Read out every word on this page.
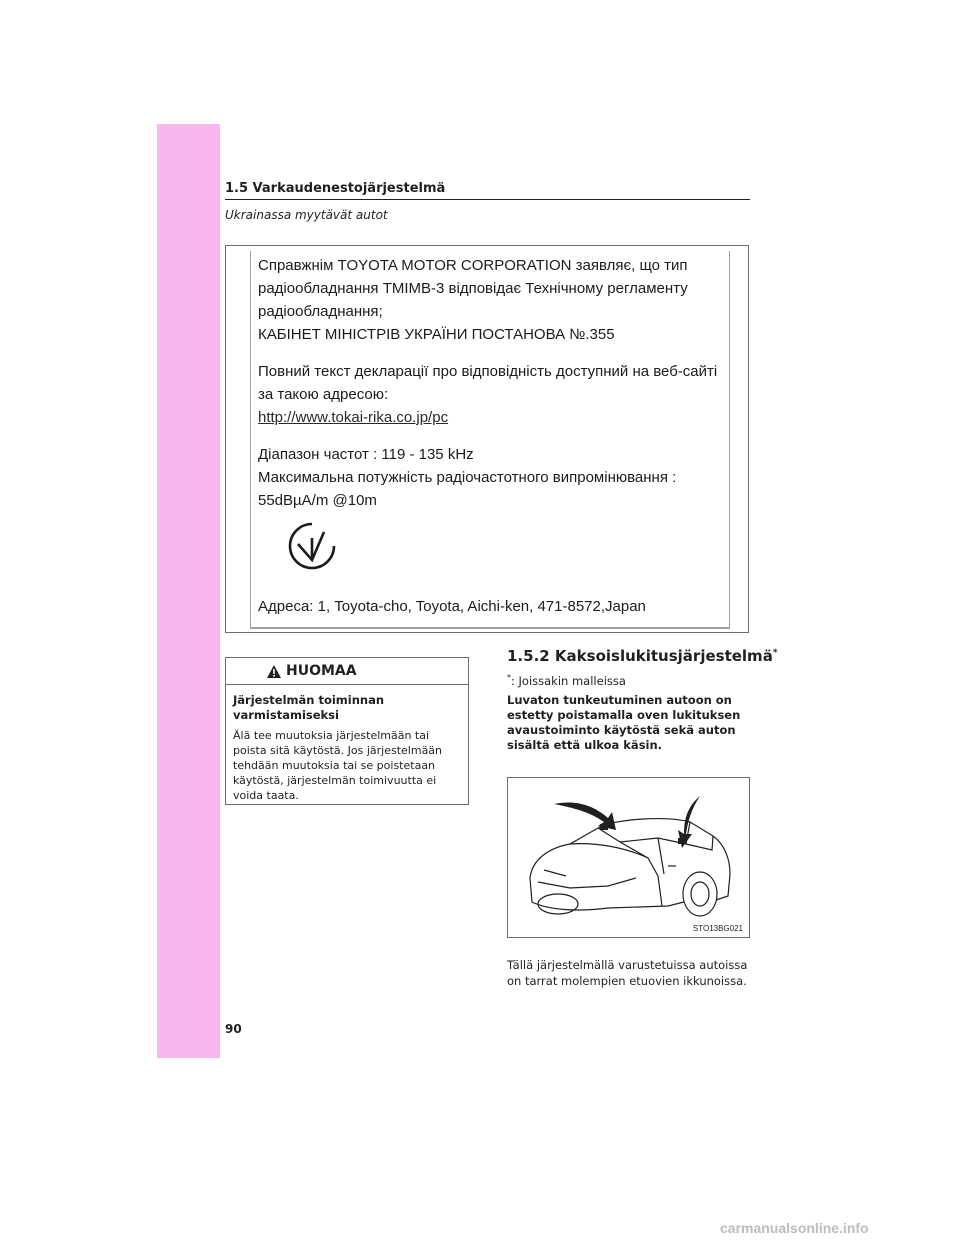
1.5 Varkaudenestojärjestelmä
Ukrainassa myytävät autot
Справжнім TOYOTA MOTOR CORPORATION заявляє, що тип
радіообладнання TMIMB-3 відповідає Технічному регламенту
радіообладнання;
КАБІНЕТ МІНІСТРІВ УКРАЇНИ ПОСТАНОВА №.355
Повний текст декларації про відповідність доступний на веб-сайті
за такою адресою:
http://www.tokai-rika.co.jp/pc
Діапазон частот : 119 - 135 kHz
Максимальна потужність радіочастотного випромінювання :
55dBµA/m @10m
Адреса: 1, Toyota-cho, Toyota, Aichi-ken, 471-8572,Japan
HUOMAA
Järjestelmän toiminnan varmistamiseksi
Älä tee muutoksia järjestelmään tai poista sitä käytöstä. Jos järjestelmään tehdään muutoksia tai se poistetaan käytöstä, järjestelmän toimivuutta ei voida taata.
1.5.2 Kaksoislukitusjärjestelmä*
*: Joissakin malleissa
Luvaton tunkeutuminen autoon on estetty poistamalla oven lukituksen avaustoiminto käytöstä sekä auton sisältä että ulkoa käsin.
STO13BG021
Tällä järjestelmällä varustetuissa autoissa on tarrat molempien etuovien ikkunoissa.
90
carmanualsonline.info
